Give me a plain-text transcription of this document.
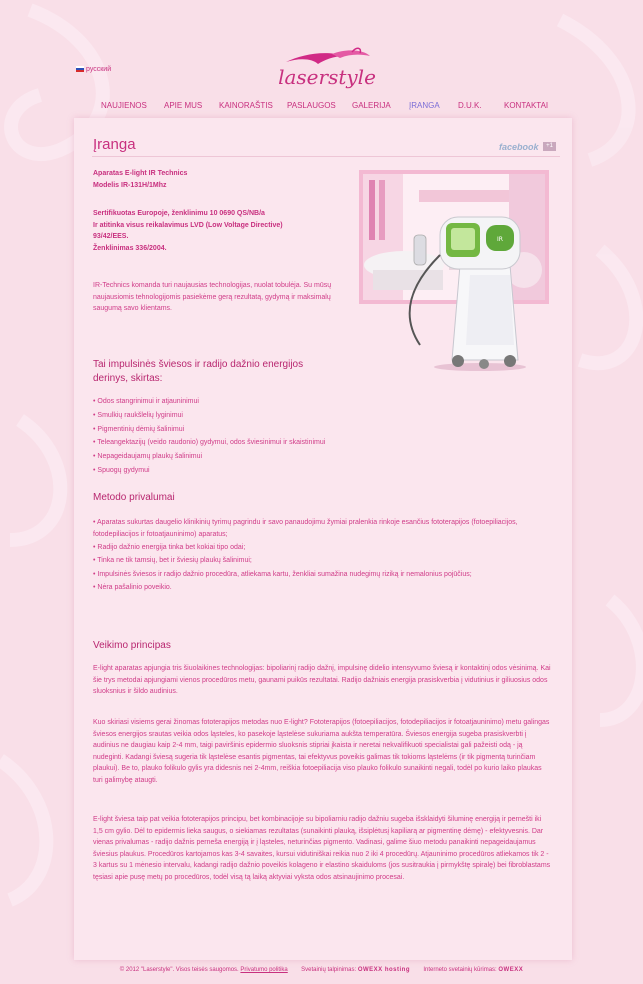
русский	laserstyle
NAUJIENOS APIE MUS KAINORAŠTIS PASLAUGOS GALERIJA ĮRANGA D.U.K.	KONTAKTAI
Įranga	facebook	+1

Aparatas E-light IR Technics
Modelis IR-131H/1Mhz

Sertifikuotas Europoje, ženklinimu 10 0690 QS/NB/a
Ir atitinka visus reikalavimus LVD (Low Voltage Directive)
93/42/EES.
Ženklinimas 336/2004.

IR-Technics komanda turi naujausias technologijas, nuolat tobulėja. Su mūsų naujausiomis tehnologijomis pasiekėme gerą rezultatą, gydymą ir maksimalų saugumą savo klientams.

IR
Tai impulsinės šviesos ir radijo dažnio energijos derinys, skirtas:
• Odos stangrinimui ir atjauninimui
• Smulkių raukšlelių lyginimui
• Pigmentinių dėmių šalinimui
• Teleangektazijų (veido raudonio) gydymui, odos šviesinimui ir skaistinimui
• Nepageidaujamų plaukų šalinimui
• Spuogų gydymui
Metodo privalumai

• Aparatas sukurtas daugelio klinikinių tyrimų pagrindu ir savo panaudojimu žymiai pralenkia rinkoje esančius fototerapijos (fotoepiliacijos, fotodepiliacijos ir fotoatjauninimo) aparatus;

• Radijo dažnio energija tinka bet kokiai tipo odai;

• Tinka ne tik tamsių, bet ir šviesių plaukų šalinimui;

• Impulsinės šviesos ir radijo dažnio procedūra, atliekama kartu, ženkliai sumažina nudegimų riziką ir nemalonius pojūčius;

• Nėra pašalinio poveikio.

Veikimo principas

E-light aparatas apjungia tris šiuolaikines technologijas: bipoliarinį radijo dažnį, impulsinę didelio intensyvumo šviesą ir kontaktinį odos vėsinimą. Kai šie trys metodai apjungiami vienos procedūros metu, gaunami puikūs rezultatai. Radijo dažniais energija prasiskverbia į vidutinius ir giliuosius odos sluoksnius ir šildo audinius.

Kuo skiriasi visiems gerai žinomas fototerapijos metodas nuo E-light? Fototerapijos (fotoepiliacijos, fotodepiliacijos ir fotoatjauninimo) metu galingas šviesos energijos srautas veikia odos ląsteles, ko pasekoje ląstelėse sukuriama aukšta temperatūra. Šviesos energija sugeba prasiskverbti į audinius ne daugiau kaip 2-4 mm, taigi paviršinis epidermio sluoksnis stipriai įkaista ir neretai nekvalifikuoti specialistai gali pažeisti odą - ją nudeginti. Kadangi šviesą sugeria tik ląstelėse esantis pigmentas, tai efektyvus poveikis galimas tik tokioms ląstelėms (ir tik pigmentą turinčiam plaukui). Be to, plauko folikulo gylis yra didesnis nei 2-4mm, reiškia fotoepiliacija viso plauko folikulo sunaikinti negali, todėl po kurio laiko plaukas turi galimybę ataugti.

E-light šviesa taip pat veikia fototerapijos principu, bet kombinacijoje su bipoliarniu radijo dažniu sugeba išsklaidyti šiluminę energiją ir pernešti iki 1,5 cm gylio. Dėl to epidermis lieka saugus, o siekiamas rezultatas (sunaikinti plauką, išsiplėtusį kapiliarą ar pigmentinę dėmę) - efektyvesnis. Dar vienas privalumas - radijo dažnis perneša energiją ir į ląsteles, neturinčias pigmento. Vadinasi, galime šiuo metodu panaikinti nepageidaujamus šviesius plaukus. Procedūros kartojamos kas 3-4 savaites, kursui vidutiniškai reikia nuo 2 iki 4 procedūrų. Atjauninimo procedūros atliekamos tik 2 - 3 kartus su 1 mėnesio intervalu, kadangi radijo dažnio poveikis kolageno ir elastino skaiduloms (jos susitraukia į pirmykštę spiralę) bei fibroblastams tęsiasi apie pusę metų po procedūros, todėl visą tą laiką aktyviai vyksta odos atsinaujinimo procesai.

© 2012 "Laserstyle". Visos teisės saugomos. Privatumo politika Svetainių talpinimas: OWEXX hosting Interneto svetainių kūrimas: OWEXX
